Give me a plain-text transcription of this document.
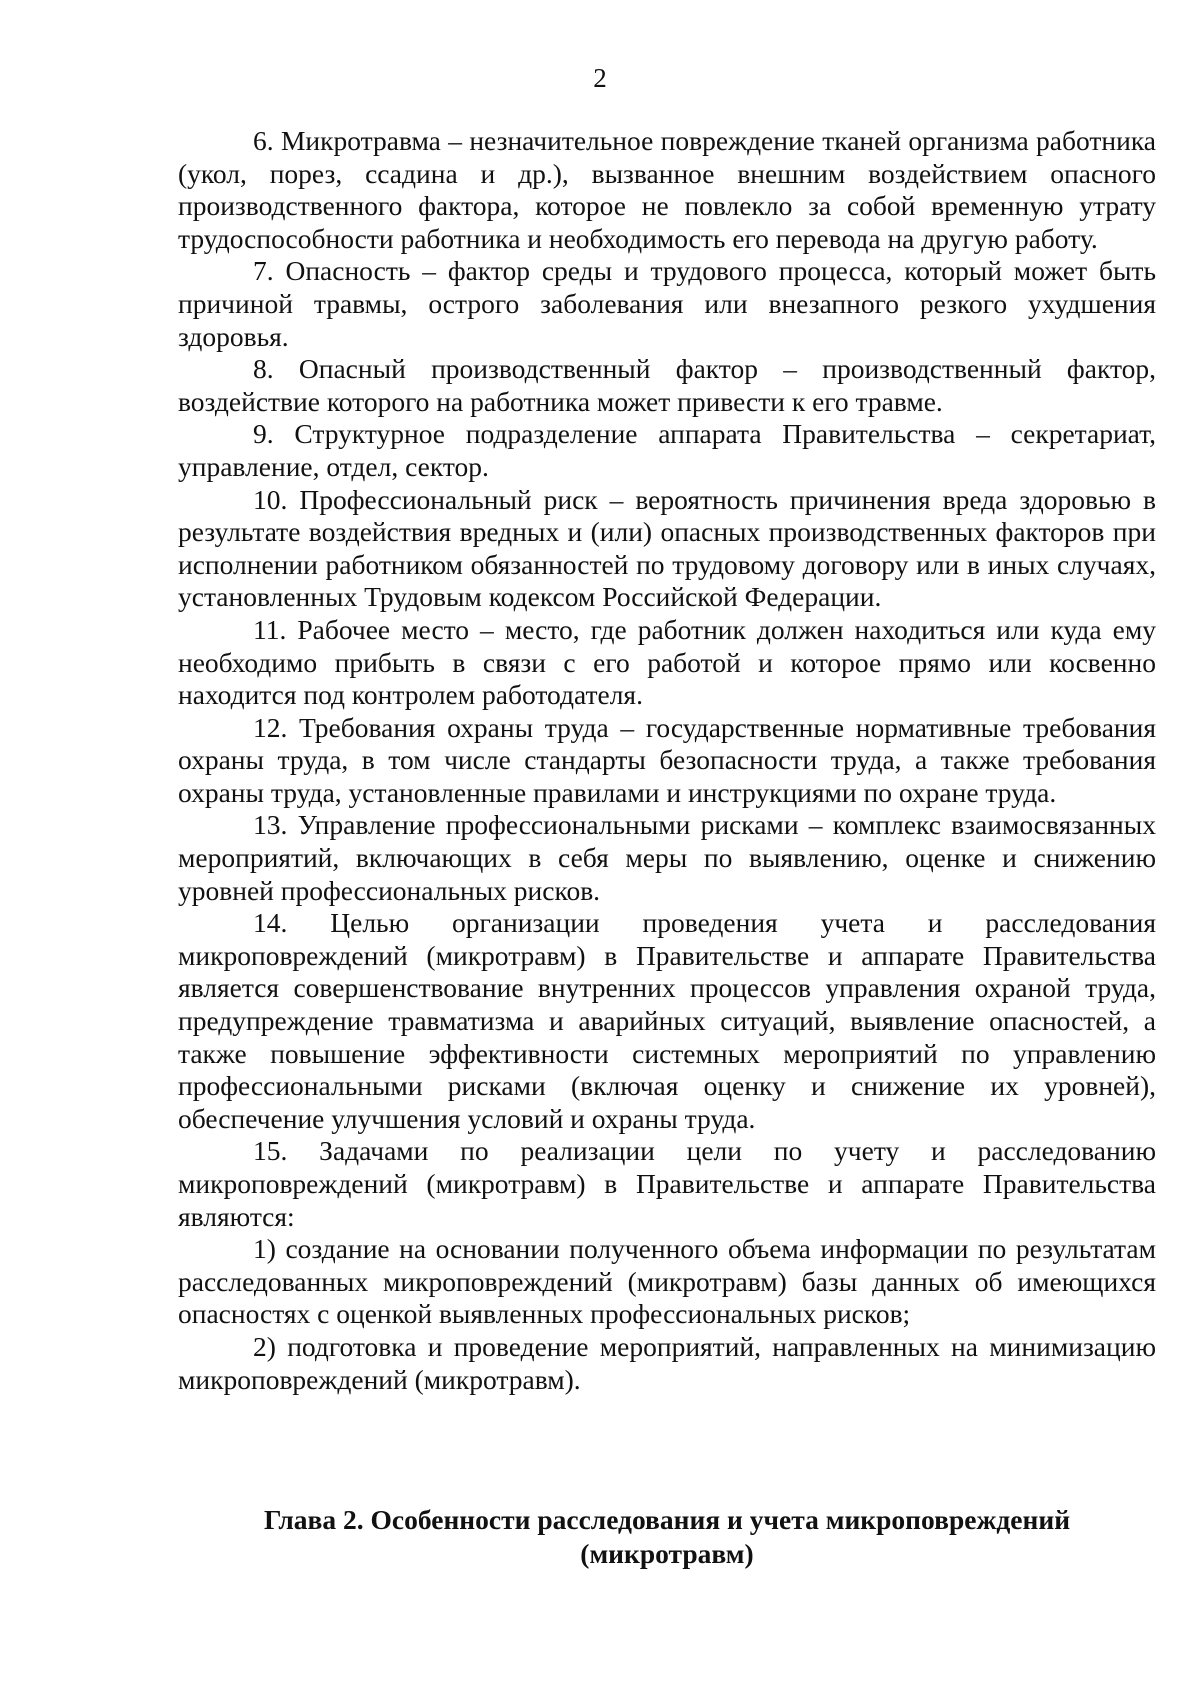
2

6. Микротравма – незначительное повреждение тканей организма работника (укол, порез, ссадина и др.), вызванное внешним воздействием опасного производственного фактора, которое не повлекло за собой временную утрату трудоспособности работника и необходимость его перевода на другую работу.

7. Опасность – фактор среды и трудового процесса, который может быть причиной травмы, острого заболевания или внезапного резкого ухудшения здоровья.

8. Опасный производственный фактор – производственный фактор, воздействие которого на работника может привести к его травме.

9. Структурное подразделение аппарата Правительства – секретариат, управление, отдел, сектор.

10. Профессиональный риск – вероятность причинения вреда здоровью в результате воздействия вредных и (или) опасных производственных факторов при исполнении работником обязанностей по трудовому договору или в иных случаях, установленных Трудовым кодексом Российской Федерации.

11. Рабочее место – место, где работник должен находиться или куда ему необходимо прибыть в связи с его работой и которое прямо или косвенно находится под контролем работодателя.

12. Требования охраны труда – государственные нормативные требования охраны труда, в том числе стандарты безопасности труда, а также требования охраны труда, установленные правилами и инструкциями по охране труда.

13. Управление профессиональными рисками – комплекс взаимосвязанных мероприятий, включающих в себя меры по выявлению, оценке и снижению уровней профессиональных рисков.

14. Целью организации проведения учета и расследования микроповреждений (микротравм) в Правительстве и аппарате Правительства является совершенствование внутренних процессов управления охраной труда, предупреждение травматизма и аварийных ситуаций, выявление опасностей, а также повышение эффективности системных мероприятий по управлению профессиональными рисками (включая оценку и снижение их уровней), обеспечение улучшения условий и охраны труда.

15. Задачами по реализации цели по учету и расследованию микроповреждений (микротравм) в Правительстве и аппарате Правительства являются:

1) создание на основании полученного объема информации по результатам расследованных микроповреждений (микротравм) базы данных об имеющихся опасностях с оценкой выявленных профессиональных рисков;

2) подготовка и проведение мероприятий, направленных на минимизацию микроповреждений (микротравм).

Глава 2. Особенности расследования и учета микроповреждений
(микротравм)
